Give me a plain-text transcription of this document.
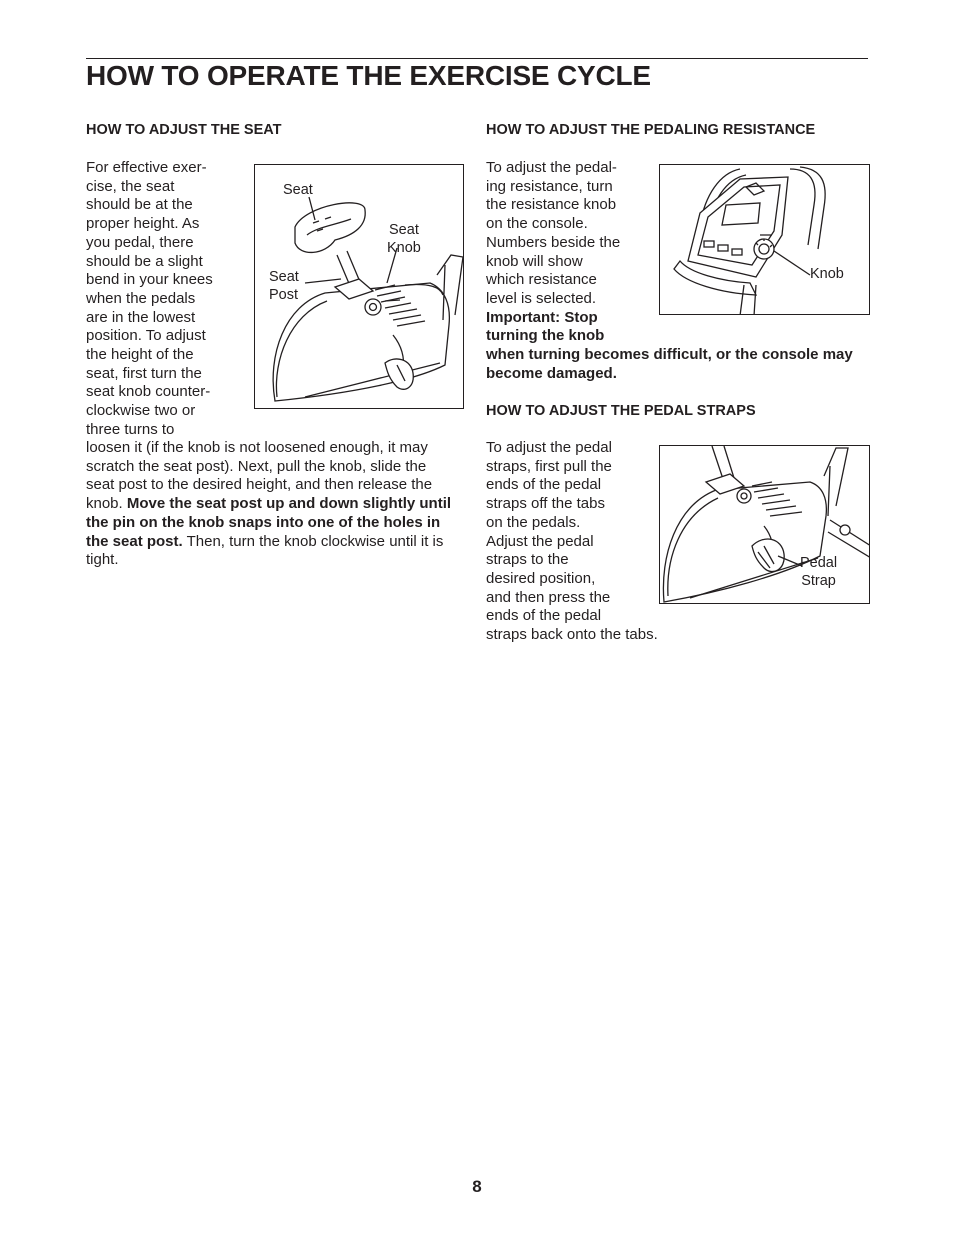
HOW TO OPERATE THE EXERCISE CYCLE
HOW TO ADJUST THE SEAT
For effective exer-
cise, the seat
should be at the
proper height. As
you pedal, there
should be a slight
bend in your knees
when the pedals
are in the lowest
position. To adjust
the height of the
seat, first turn the
seat knob counter-
clockwise two or
three turns to
loosen it (if the knob is not loosened enough, it may
scratch the seat post). Next, pull the knob, slide the
seat post to the desired height, and then release the
knob. Move the seat post up and down slightly until
the pin on the knob snaps into one of the holes in
the seat post. Then, turn the knob clockwise until it is
tight.
Seat
Seat
Knob
Seat
Post
HOW TO ADJUST THE PEDALING RESISTANCE
To adjust the pedal-
ing resistance, turn
the resistance knob
on the console.
Numbers beside the
knob will show
which resistance
level is selected.
Important: Stop
turning the knob
when turning becomes difficult, or the console may
become damaged.
Knob
HOW TO ADJUST THE PEDAL STRAPS
To adjust the pedal
straps, first pull the
ends of the pedal
straps off the tabs
on the pedals.
Adjust the pedal
straps to the
desired position,
and then press the
ends of the pedal
straps back onto the tabs.
Pedal
Strap
8
